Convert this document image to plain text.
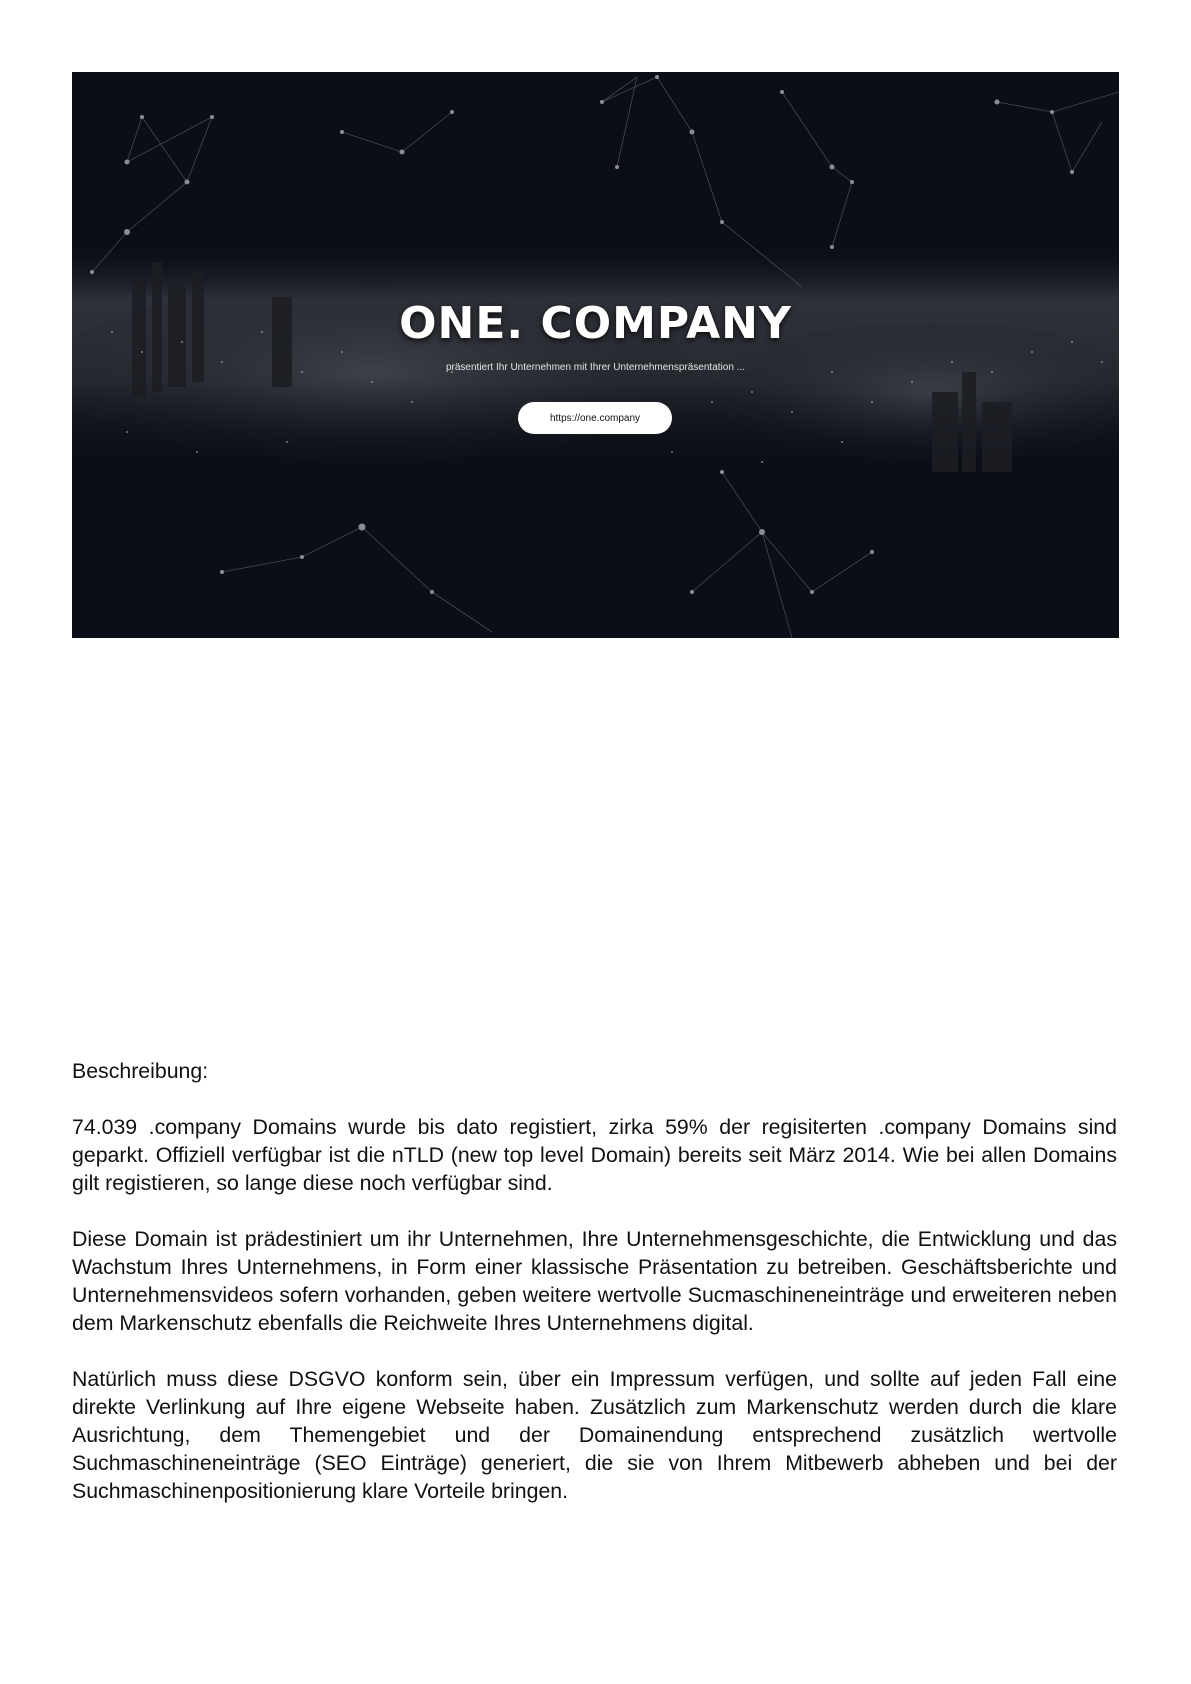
ONE. COMPANY
präsentiert Ihr Unternehmen mit Ihrer Unternehmenspräsentation ...
https://one.company

Beschreibung:

74.039 .company Domains wurde bis dato registiert, zirka 59% der regisiterten .company Domains sind geparkt. Offiziell verfügbar ist die nTLD (new top level Domain) bereits seit März 2014. Wie bei allen Domains gilt registieren, so lange diese noch verfügbar sind.

Diese Domain ist prädestiniert um ihr Unternehmen, Ihre Unternehmensgeschichte, die Entwicklung und das Wachstum Ihres Unternehmens, in Form einer klassische Präsentation zu betreiben. Geschäftsberichte und Unternehmensvideos sofern vorhanden, geben weitere wertvolle Sucmaschineneinträge und erweiteren neben dem Markenschutz ebenfalls die Reichweite Ihres Unternehmens digital.

Natürlich muss diese DSGVO konform sein, über ein Impressum verfügen, und sollte auf jeden Fall eine direkte Verlinkung auf Ihre eigene Webseite haben. Zusätzlich zum Markenschutz werden durch die klare Ausrichtung, dem Themengebiet und der Domainendung entsprechend zusätzlich wertvolle Suchmaschineneinträge (SEO Einträge) generiert, die sie von Ihrem Mitbewerb abheben und bei der Suchmaschinenpositionierung klare Vorteile bringen.
